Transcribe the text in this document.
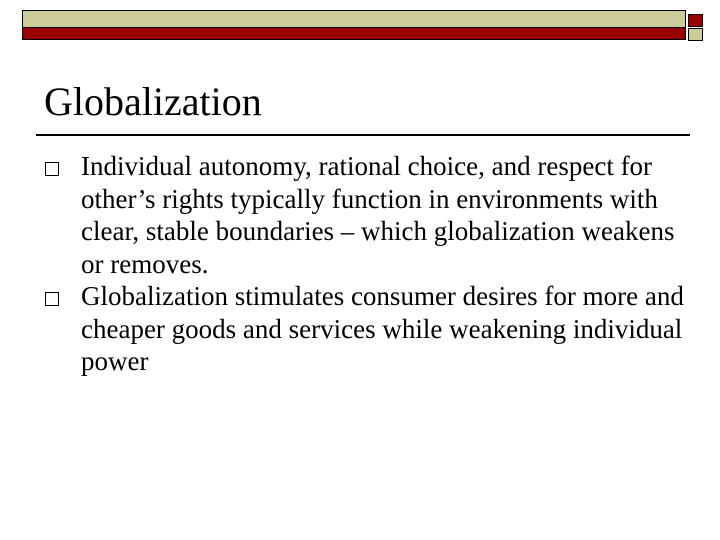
Globalization
Individual autonomy, rational choice, and respect for other’s rights typically function in environments with clear, stable boundaries – which globalization weakens or removes.
Globalization stimulates consumer desires for more and cheaper goods and services while weakening individual power
